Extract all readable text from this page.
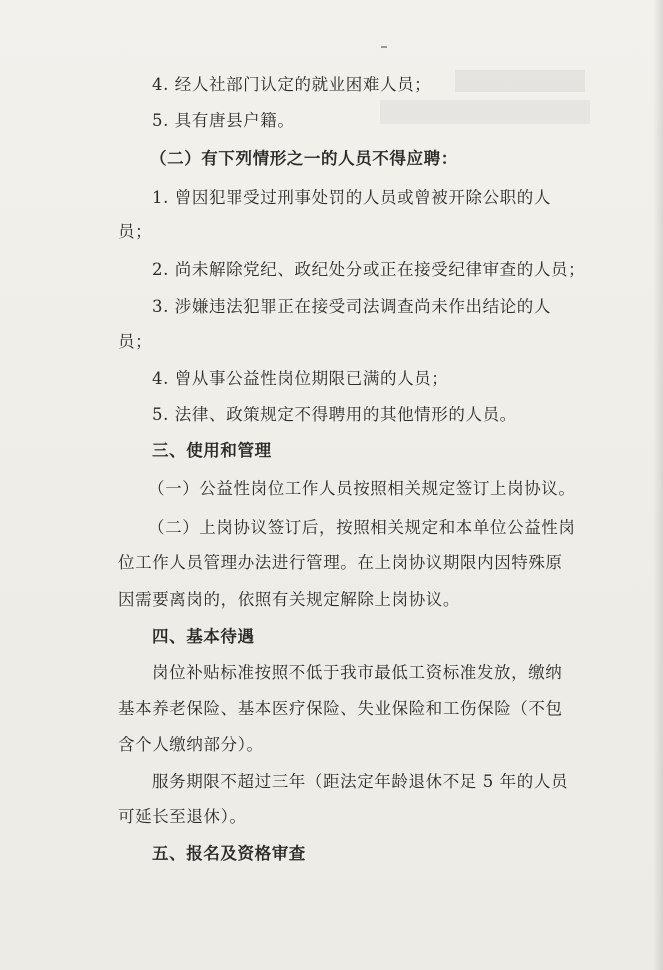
4. 经人社部门认定的就业困难人员；
5. 具有唐县户籍。
（二）有下列情形之一的人员不得应聘：
1. 曾因犯罪受过刑事处罚的人员或曾被开除公职的人
员；
2. 尚未解除党纪、政纪处分或正在接受纪律审查的人员；
3. 涉嫌违法犯罪正在接受司法调查尚未作出结论的人
员；
4. 曾从事公益性岗位期限已满的人员；
5. 法律、政策规定不得聘用的其他情形的人员。
三、使用和管理
（一）公益性岗位工作人员按照相关规定签订上岗协议。
（二）上岗协议签订后，按照相关规定和本单位公益性岗
位工作人员管理办法进行管理。在上岗协议期限内因特殊原
因需要离岗的，依照有关规定解除上岗协议。
四、基本待遇
岗位补贴标准按照不低于我市最低工资标准发放，缴纳
基本养老保险、基本医疗保险、失业保险和工伤保险（不包
含个人缴纳部分）。
服务期限不超过三年（距法定年龄退休不足 5 年的人员
可延长至退休）。
五、报名及资格审查
